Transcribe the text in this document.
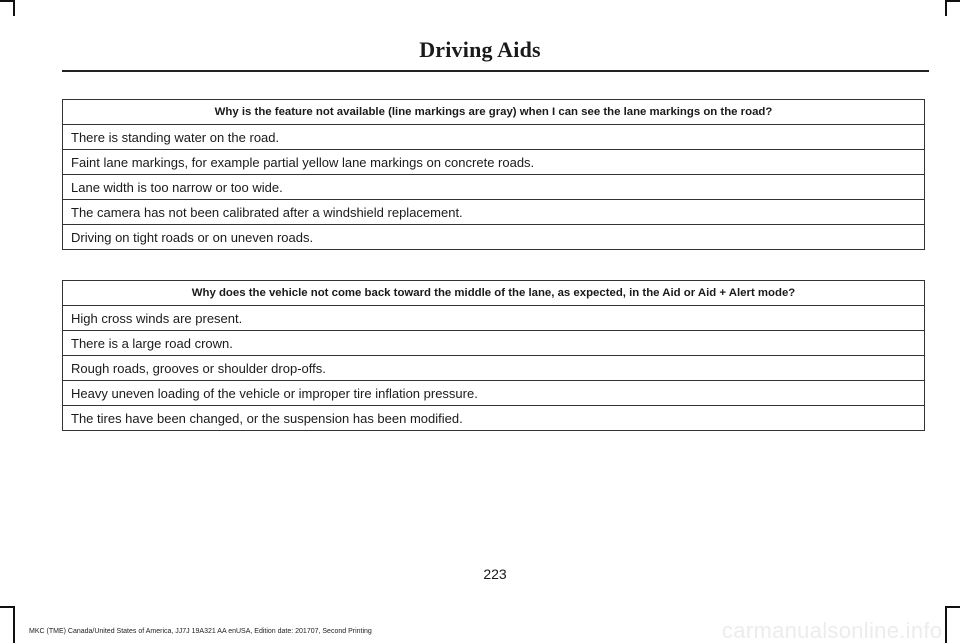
Driving Aids
Why is the feature not available (line markings are gray) when I can see the lane markings on the road?
There is standing water on the road.
Faint lane markings, for example partial yellow lane markings on concrete roads.
Lane width is too narrow or too wide.
The camera has not been calibrated after a windshield replacement.
Driving on tight roads or on uneven roads.
Why does the vehicle not come back toward the middle of the lane, as expected, in the Aid or Aid + Alert mode?
High cross winds are present.
There is a large road crown.
Rough roads, grooves or shoulder drop-offs.
Heavy uneven loading of the vehicle or improper tire inflation pressure.
The tires have been changed, or the suspension has been modified.
223
MKC (TME) Canada/United States of America, JJ7J 19A321 AA enUSA, Edition date: 201707, Second Printing	carmanualsonline.info
